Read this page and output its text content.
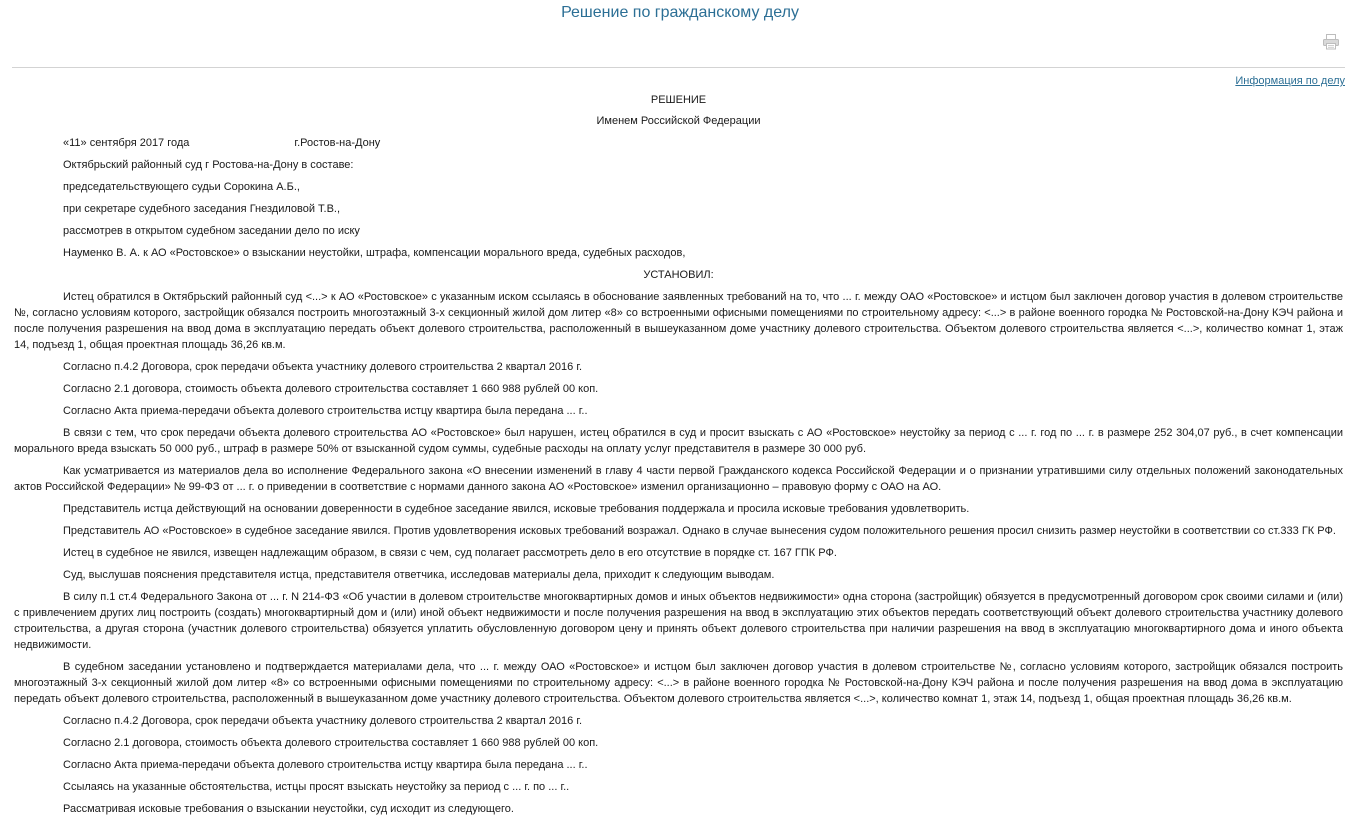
Решение по гражданскому делу
Информация по делу

РЕШЕНИЕ

Именем Российской Федерации

«11» сентября 2017 года	г.Ростов-на-Дону

Октябрьский районный суд г Ростова-на-Дону в составе:

председательствующего судьи Сорокина А.Б.,

при секретаре судебного заседания Гнездиловой Т.В.,

рассмотрев в открытом судебном заседании дело по иску

Науменко В. А. к АО «Ростовское» о взыскании неустойки, штрафа, компенсации морального вреда, судебных расходов,

УСТАНОВИЛ:

Истец обратился в Октябрьский районный суд <...> к АО «Ростовское» с указанным иском ссылаясь в обоснование заявленных требований на то, что ... г. между ОАО «Ростовское» и истцом был заключен договор участия в долевом строительстве №, согласно условиям которого, застройщик обязался построить многоэтажный 3-х секционный жилой дом литер «8» со встроенными офисными помещениями по строительному адресу: <...> в районе военного городка № Ростовской-на-Дону КЭЧ района и после получения разрешения на ввод дома в эксплуатацию передать объект долевого строительства, расположенный в вышеуказанном доме участнику долевого строительства. Объектом долевого строительства является <...>, количество комнат 1, этаж 14, подъезд 1, общая проектная площадь 36,26 кв.м.

Согласно п.4.2 Договора, срок передачи объекта участнику долевого строительства 2 квартал 2016 г.

Согласно 2.1 договора, стоимость объекта долевого строительства составляет 1 660 988 рублей 00 коп.

Согласно Акта приема-передачи объекта долевого строительства истцу квартира была передана ... г..

В связи с тем, что срок передачи объекта долевого строительства АО «Ростовское» был нарушен, истец обратился в суд и просит взыскать с АО «Ростовское» неустойку за период с ... г. год по ... г. в размере 252 304,07 руб., в счет компенсации морального вреда взыскать 50 000 руб., штраф в размере 50% от взысканной судом суммы, судебные расходы на оплату услуг представителя в размере 30 000 руб.

Как усматривается из материалов дела во исполнение Федерального закона «О внесении изменений в главу 4 части первой Гражданского кодекса Российской Федерации и о признании утратившими силу отдельных положений законодательных актов Российской Федерации» № 99-ФЗ от ... г. о приведении в соответствие с нормами данного закона АО «Ростовское» изменил организационно – правовую форму с ОАО на АО.

Представитель истца действующий на основании доверенности в судебное заседание явился, исковые требования поддержала и просила исковые требования удовлетворить.

Представитель АО «Ростовское» в судебное заседание явился. Против удовлетворения исковых требований возражал. Однако в случае вынесения судом положительного решения просил снизить размер неустойки в соответствии со ст.333 ГК РФ.

Истец в судебное не явился, извещен надлежащим образом, в связи с чем, суд полагает рассмотреть дело в его отсутствие в порядке ст. 167 ГПК РФ.

Суд, выслушав пояснения представителя истца, представителя ответчика, исследовав материалы дела, приходит к следующим выводам.

В силу п.1 ст.4 Федерального Закона от ... г. N 214-ФЗ «Об участии в долевом строительстве многоквартирных домов и иных объектов недвижимости» одна сторона (застройщик) обязуется в предусмотренный договором срок своими силами и (или) с привлечением других лиц построить (создать) многоквартирный дом и (или) иной объект недвижимости и после получения разрешения на ввод в эксплуатацию этих объектов передать соответствующий объект долевого строительства участнику долевого строительства, а другая сторона (участник долевого строительства) обязуется уплатить обусловленную договором цену и принять объект долевого строительства при наличии разрешения на ввод в эксплуатацию многоквартирного дома и иного объекта недвижимости.

В судебном заседании установлено и подтверждается материалами дела, что ... г. между ОАО «Ростовское» и истцом был заключен договор участия в долевом строительстве №, согласно условиям которого, застройщик обязался построить многоэтажный 3-х секционный жилой дом литер «8» со встроенными офисными помещениями по строительному адресу: <...> в районе военного городка № Ростовской-на-Дону КЭЧ района и после получения разрешения на ввод дома в эксплуатацию передать объект долевого строительства, расположенный в вышеуказанном доме участнику долевого строительства. Объектом долевого строительства является <...>, количество комнат 1, этаж 14, подъезд 1, общая проектная площадь 36,26 кв.м.

Согласно п.4.2 Договора, срок передачи объекта участнику долевого строительства 2 квартал 2016 г.

Согласно 2.1 договора, стоимость объекта долевого строительства составляет 1 660 988 рублей 00 коп.

Согласно Акта приема-передачи объекта долевого строительства истцу квартира была передана ... г..

Ссылаясь на указанные обстоятельства, истцы просят взыскать неустойку за период с ... г. по ... г..

Рассматривая исковые требования о взыскании неустойки, суд исходит из следующего.
